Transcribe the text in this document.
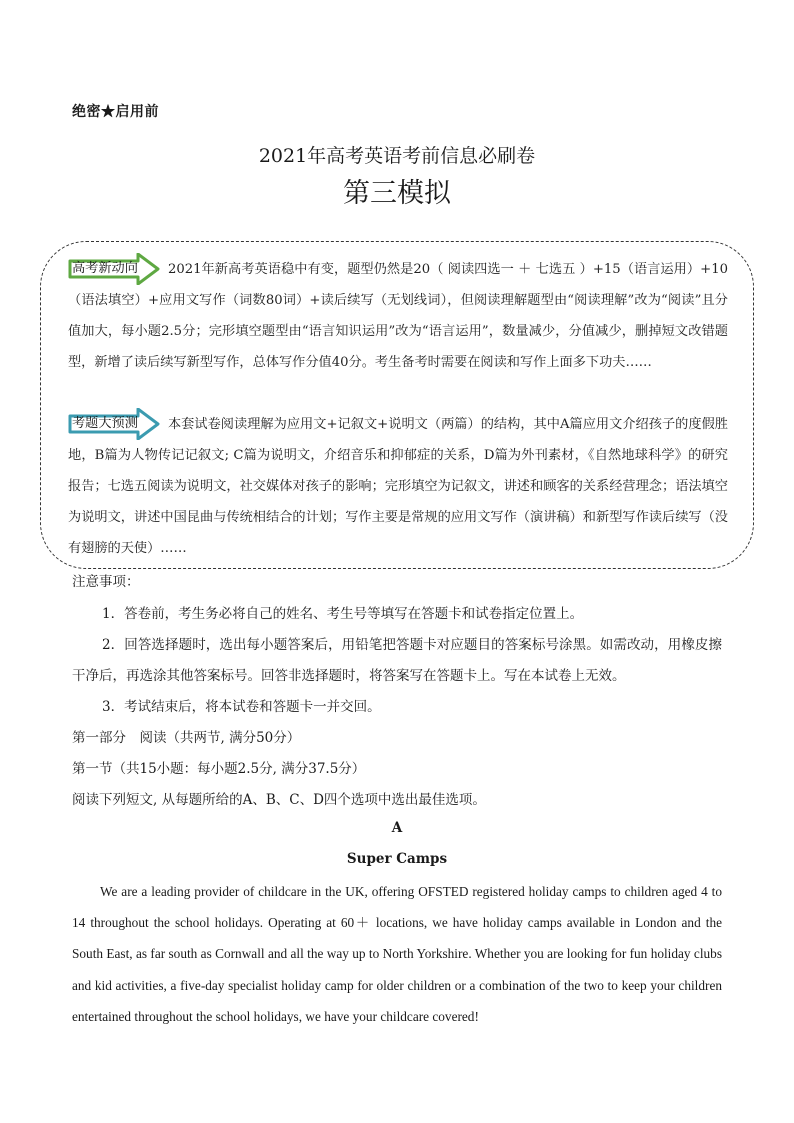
绝密★启用前
2021年高考英语考前信息必刷卷
第三模拟
高考新动向 2021年新高考英语稳中有变，题型仍然是20（ 阅读四选一 ＋ 七选五 ）+15（语言运用）+10（语法填空）+应用文写作（词数80词）+读后续写（无划线词），但阅读理解题型由“阅读理解”改为“阅读”且分值加大，每小题2.5分；完形填空题型由“语言知识运用”改为“语言运用”，数量减少，分值减少，删掉短文改错题型，新增了读后续写新型写作，总体写作分值40分。考生备考时需要在阅读和写作上面多下功夫……
考题大预测 本套试卷阅读理解为应用文+记叙文+说明文（两篇）的结构，其中A篇应用文介绍孩子的度假胜地，B篇为人物传记记叙文; C篇为说明文，介绍音乐和抑郁症的关系，D篇为外刊素材，《自然地球科学》的研究报告；七选五阅读为说明文，社交媒体对孩子的影响；完形填空为记叙文，讲述和顾客的关系经营理念；语法填空为说明文，讲述中国昆曲与传统相结合的计划；写作主要是常规的应用文写作（演讲稿）和新型写作读后续写（没有翅膀的天使）……
注意事项：
1．答卷前，考生务必将自己的姓名、考生号等填写在答题卡和试卷指定位置上。
2．回答选择题时，选出每小题答案后，用铅笔把答题卡对应题目的答案标号涂黑。如需改动，用橡皮擦干净后，再选涂其他答案标号。回答非选择题时，将答案写在答题卡上。写在本试卷上无效。
3．考试结束后，将本试卷和答题卡一并交回。
第一部分　阅读（共两节, 满分50分）
第一节（共15小题：每小题2.5分, 满分37.5分）
阅读下列短文, 从每题所给的A、B、C、D四个选项中选出最佳选项。
A
Super Camps
We are a leading provider of childcare in the UK, offering OFSTED registered holiday camps to children aged 4 to 14 throughout the school holidays. Operating at 60＋ locations, we have holiday camps available in London and the South East, as far south as Cornwall and all the way up to North Yorkshire. Whether you are looking for fun holiday clubs and kid activities, a five-day specialist holiday camp for older children or a combination of the two to keep your children entertained throughout the school holidays, we have your childcare covered!
